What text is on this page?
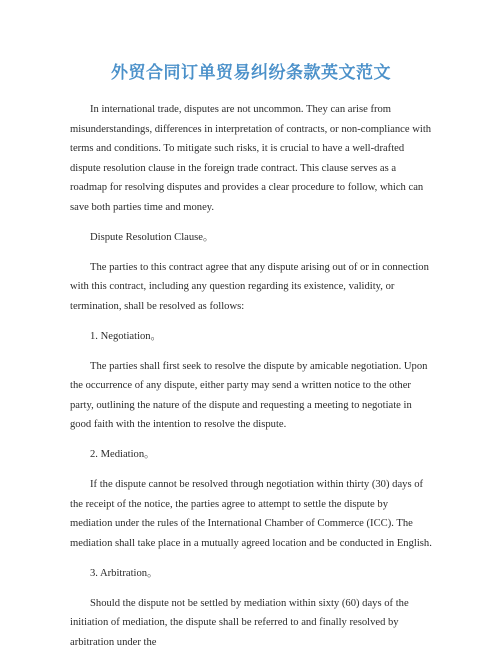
外贸合同订单贸易纠纷条款英文范文

In international trade, disputes are not uncommon. They can arise from misunderstandings, differences in interpretation of contracts, or non-compliance with terms and conditions. To mitigate such risks, it is crucial to have a well-drafted dispute resolution clause in the foreign trade contract. This clause serves as a roadmap for resolving disputes and provides a clear procedure to follow, which can save both parties time and money.

Dispute Resolution Clause。

The parties to this contract agree that any dispute arising out of or in connection with this contract, including any question regarding its existence, validity, or termination, shall be resolved as follows:

1. Negotiation。

The parties shall first seek to resolve the dispute by amicable negotiation. Upon the occurrence of any dispute, either party may send a written notice to the other party, outlining the nature of the dispute and requesting a meeting to negotiate in good faith with the intention to resolve the dispute.

2. Mediation。

If the dispute cannot be resolved through negotiation within thirty (30) days of the receipt of the notice, the parties agree to attempt to settle the dispute by mediation under the rules of the International Chamber of Commerce (ICC). The mediation shall take place in a mutually agreed location and be conducted in English.

3. Arbitration。

Should the dispute not be settled by mediation within sixty (60) days of the initiation of mediation, the dispute shall be referred to and finally resolved by arbitration under the
